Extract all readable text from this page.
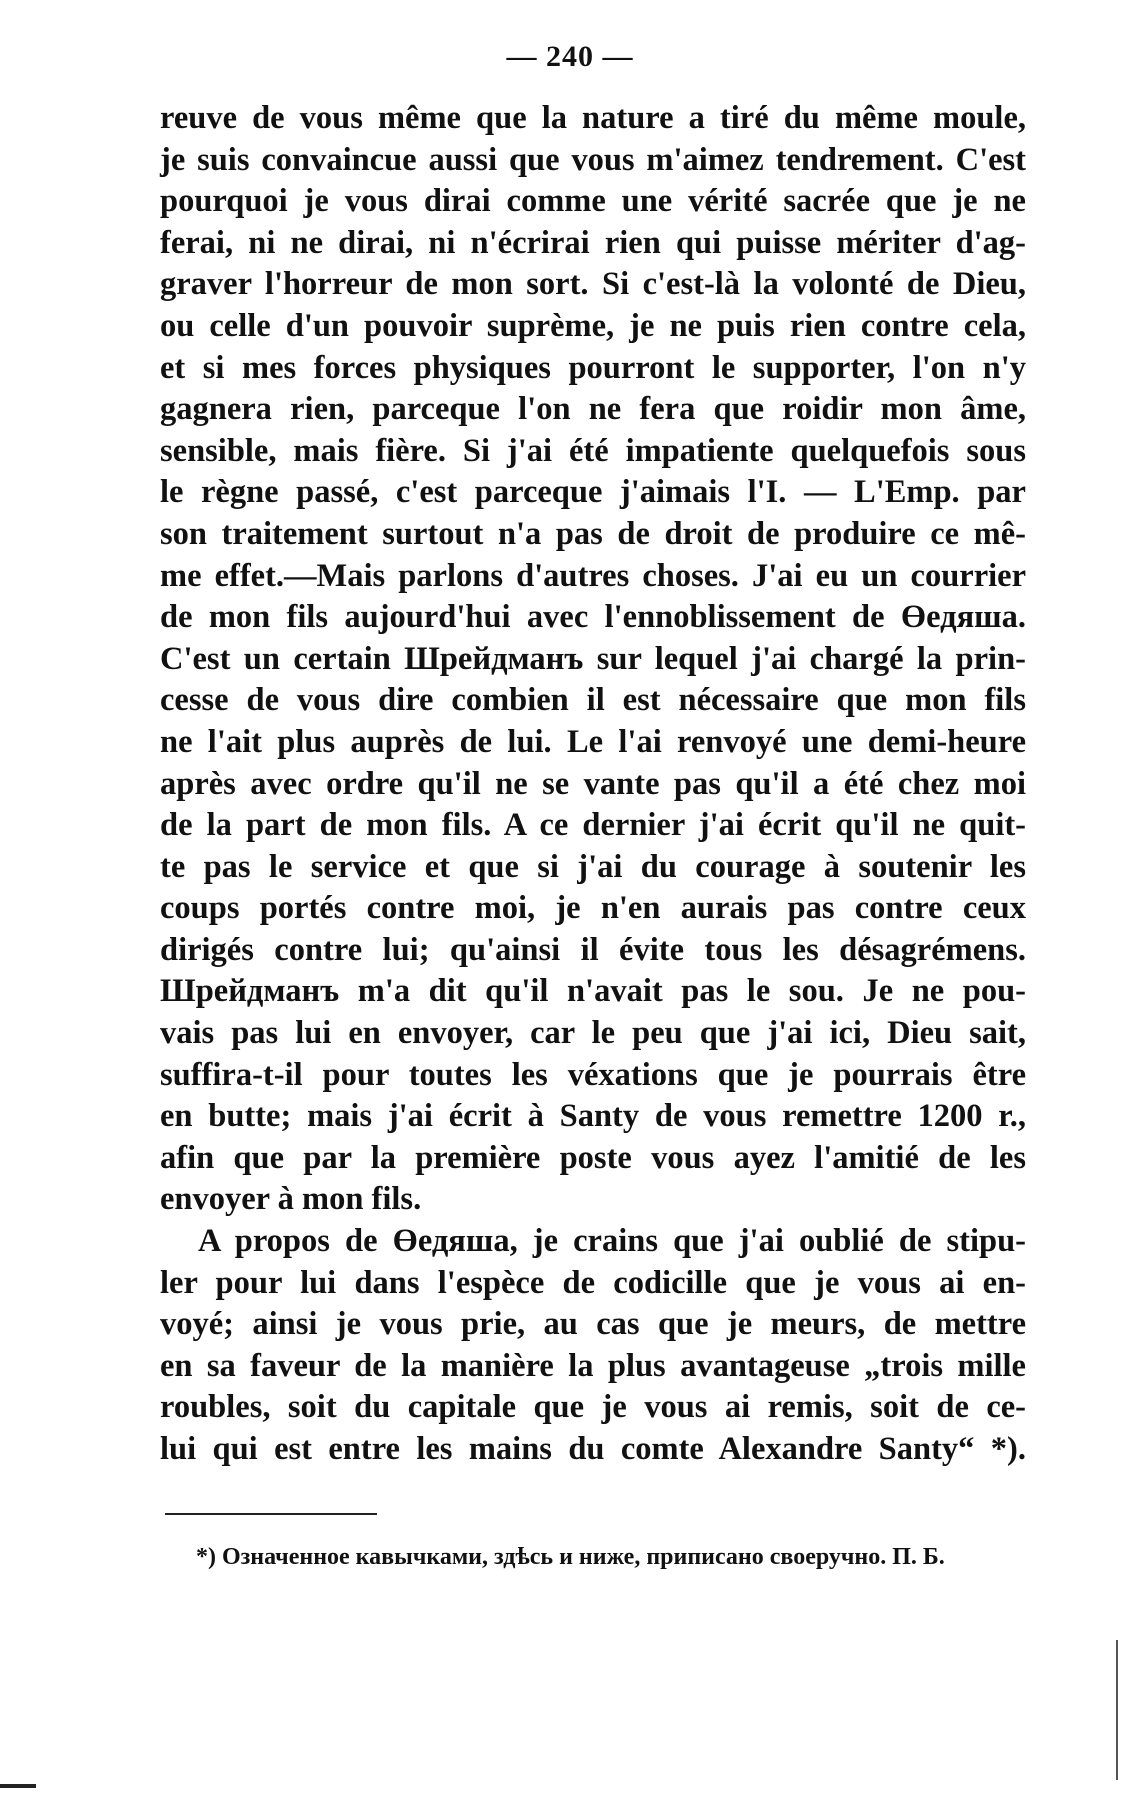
— 240 —
reuve de vous même que la nature a tiré du même moule,
je suis convaincue aussi que vous m'aimez tendrement. C'est
pourquoi je vous dirai comme une vérité sacrée que je ne
ferai, ni ne dirai, ni n'écrirai rien qui puisse mériter d'ag-
graver l'horreur de mon sort. Si c'est-là la volonté de Dieu,
ou celle d'un pouvoir suprème, je ne puis rien contre cela,
et si mes forces physiques pourront le supporter, l'on n'y
gagnera rien, parceque l'on ne fera que roidir mon âme,
sensible, mais fière. Si j'ai été impatiente quelquefois sous
le règne passé, c'est parceque j'aimais l'I. — L'Emp. par
son traitement surtout n'a pas de droit de produire ce mê-
me effet.—Mais parlons d'autres choses. J'ai eu un courrier
de mon fils aujourd'hui avec l'ennoblissement de Өедяша.
C'est un certain Шрейдманъ sur lequel j'ai chargé la prin-
cesse de vous dire combien il est nécessaire que mon fils
ne l'ait plus auprès de lui. Le l'ai renvoyé une demi-heure
après avec ordre qu'il ne se vante pas qu'il a été chez moi
de la part de mon fils. A ce dernier j'ai écrit qu'il ne quit-
te pas le service et que si j'ai du courage à soutenir les
coups portés contre moi, je n'en aurais pas contre ceux
dirigés contre lui; qu'ainsi il évite tous les désagrémens.
Шрейдманъ m'a dit qu'il n'avait pas le sou. Je ne pou-
vais pas lui en envoyer, car le peu que j'ai ici, Dieu sait,
suffira-t-il pour toutes les véxations que je pourrais être
en butte; mais j'ai écrit à Santy de vous remettre 1200 r.,
afin que par la première poste vous ayez l'amitié de les
envoyer à mon fils.
A propos de Өедяша, je crains que j'ai oublié de stipu-
ler pour lui dans l'espèce de codicille que je vous ai en-
voyé; ainsi je vous prie, au cas que je meurs, de mettre
en sa faveur de la manière la plus avantageuse „trois mille
roubles, soit du capitale que je vous ai remis, soit de ce-
lui qui est entre les mains du comte Alexandre Santy“ *).
*) Означенное кавычками, здѣсь и ниже, приписано своеручно. П. Б.
